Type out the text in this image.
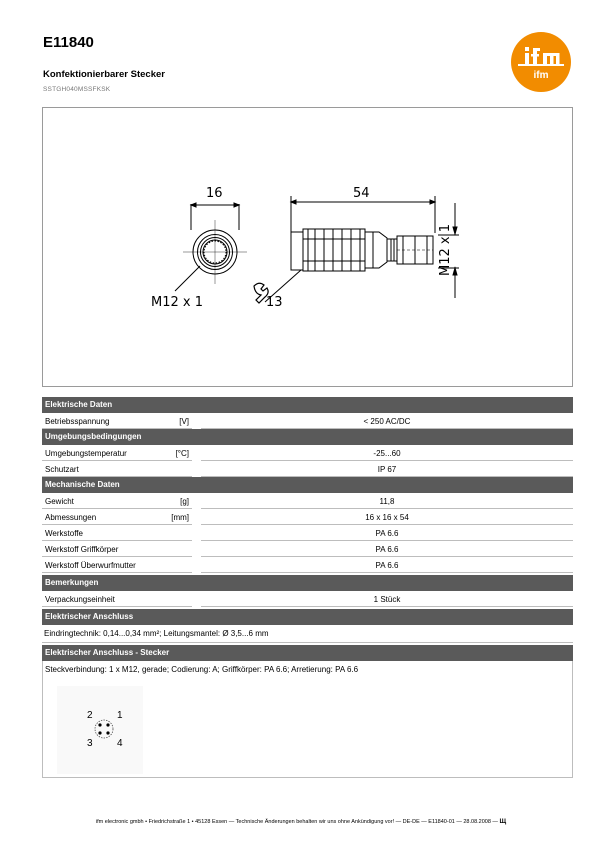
E11840
Konfektionierbarer Stecker
SSTGH040MSSFKSK
ifm
16
M12 x 1
54
13
M12 x 1
Elektrische Daten
Betriebsspannung	[V]	< 250 AC/DC
Umgebungsbedingungen
Umgebungstemperatur	[°C]	-25...60
Schutzart	IP 67
Mechanische Daten
Gewicht	[g]	11,8
Abmessungen	[mm]	16 x 16 x 54
Werkstoffe	PA 6.6
Werkstoff Griffkörper	PA 6.6
Werkstoff Überwurfmutter	PA 6.6
Bemerkungen
Verpackungseinheit	1 Stück
Elektrischer Anschluss
Eindringtechnik: 0,14...0,34 mm²; Leitungsmantel: Ø 3,5...6 mm
Elektrischer Anschluss - Stecker
Steckverbindung: 1 x M12, gerade; Codierung: A; Griffkörper: PA 6.6; Arretierung: PA 6.6
2 1
3 4
ifm electronic gmbh • Friedrichstraße 1 • 45128 Essen — Technische Änderungen behalten wir uns ohne Ankündigung vor! — DE-DE — E11840-01 — 28.08.2008 — Щ
